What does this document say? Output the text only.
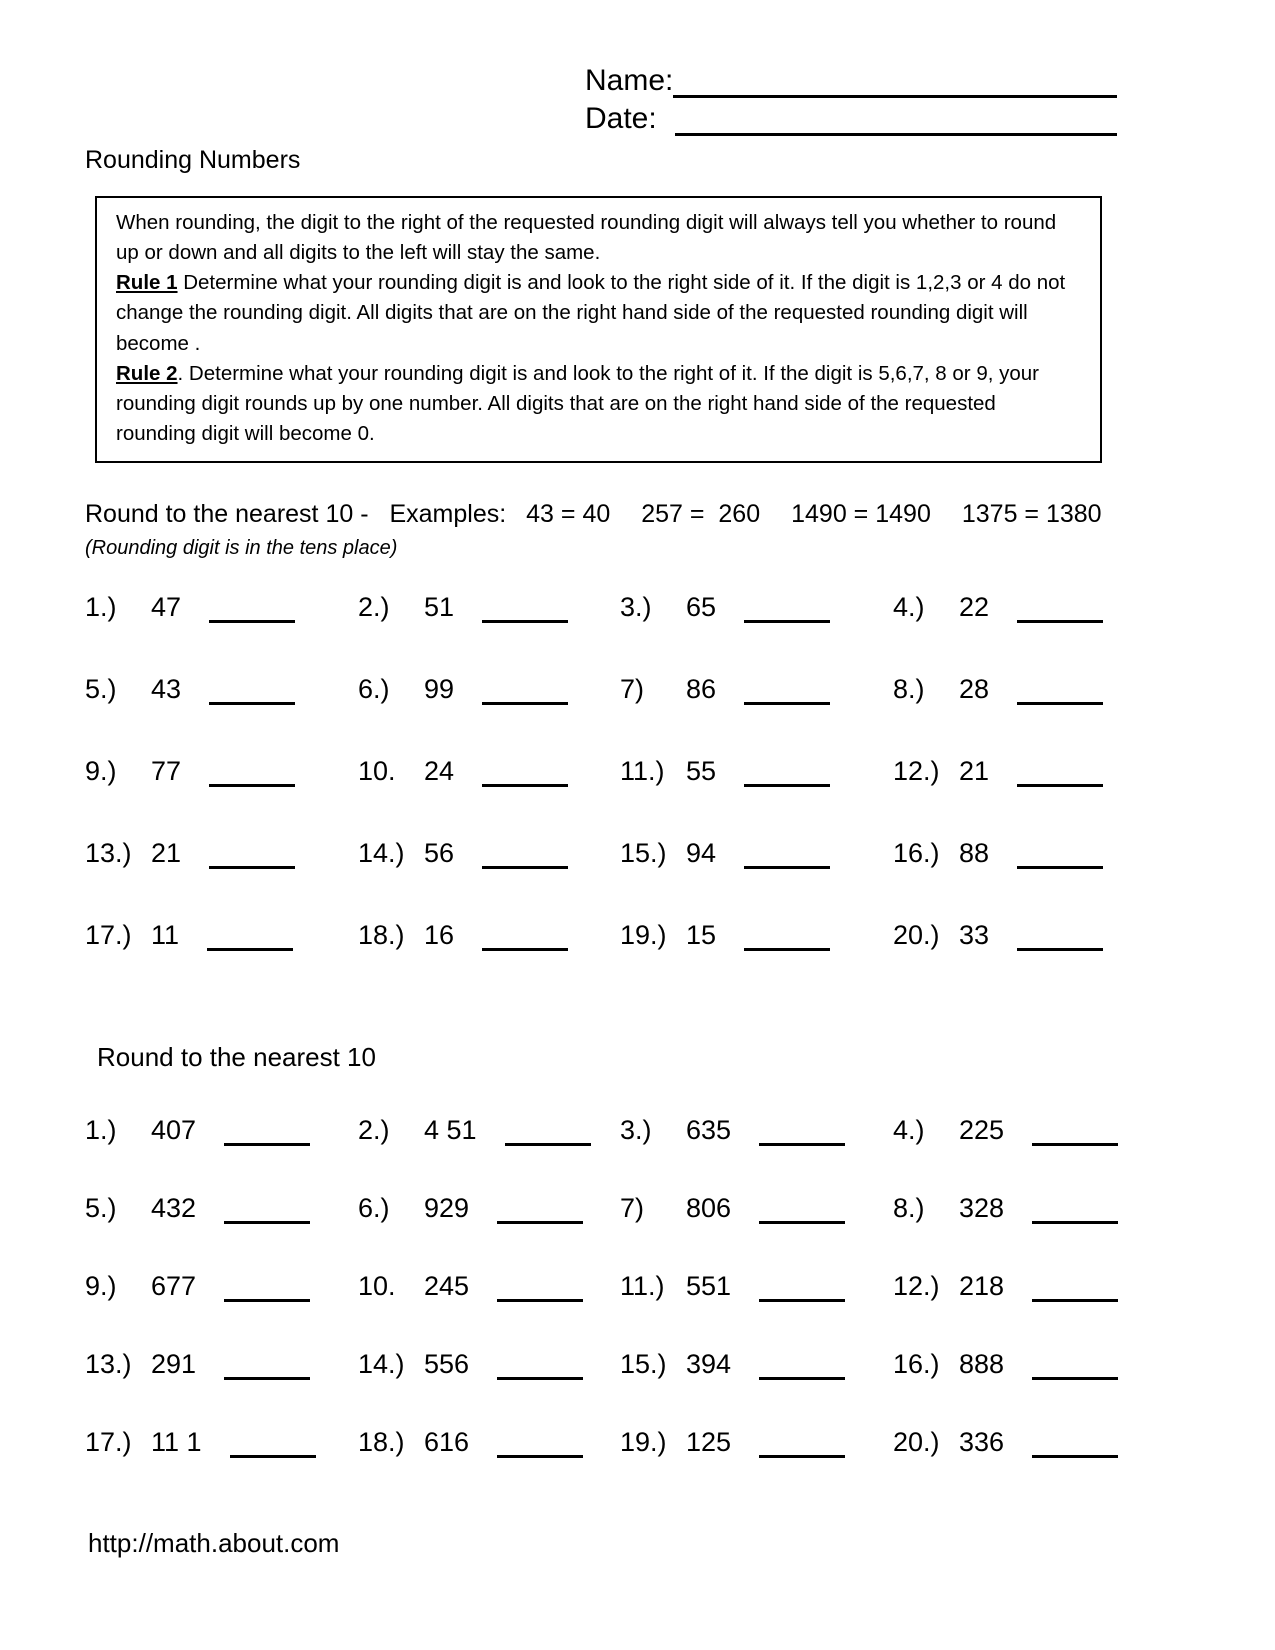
Name:
Date:
Rounding Numbers
When rounding, the digit to the right of the requested rounding digit will always tell you whether to round up or down and all digits to the left will stay the same.
Rule 1 Determine what your rounding digit is and look to the right side of it. If the digit is 1,2,3 or 4 do not change the rounding digit. All digits that are on the right hand side of the requested rounding digit will become .
Rule 2. Determine what your rounding digit is and look to the right of it. If the digit is 5,6,7, 8 or 9, your rounding digit rounds up by one number. All digits that are on the right hand side of the requested rounding digit will become 0.
Round to the nearest 10 - Examples: 43 = 40 257 =  260 1490 = 1490 1375 = 1380
(Rounding digit is in the tens place)
1.)	47	2.)	51	3.)	65	4.)	22
5.)	43	6.)	99	7)	86	8.)	28
9.)	77	10.	24	11.) 55	12.) 21
13.) 21	14.) 56	15.) 94	16.) 88
17.) 11	18.) 16	19.) 15	20.) 33
Round to the nearest 10
1.)	407	2.)	4 51	3.)	635	4.)	225
5.)	432	6.)	929	7)	806	8.)	328
9.)	677	10.	245	11.) 551	12.) 218
13.) 291	14.) 556	15.) 394	16.) 888
17.) 11 1	18.) 616	19.) 125	20.) 336
http://math.about.com
